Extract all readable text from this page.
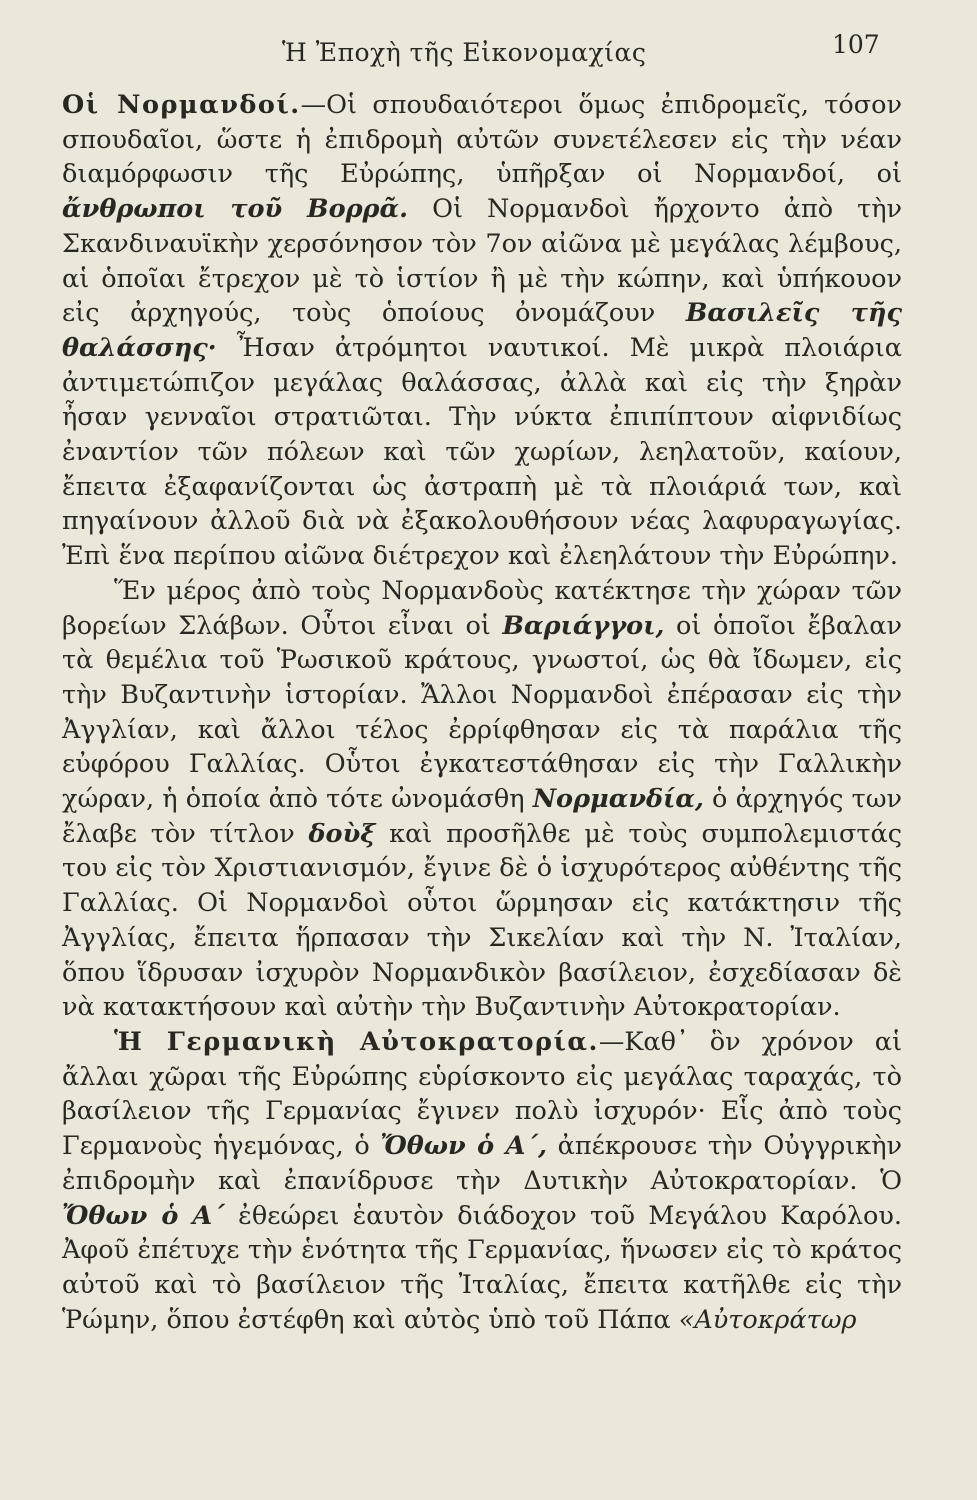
Ἡ Ἐποχὴ τῆς Εἰκονομαχίας	107

Οἱ Νορμανδοί.—Οἱ σπουδαιότεροι ὅμως ἐπιδρομεῖς, τόσον σπουδαῖοι, ὥστε ἡ ἐπιδρομὴ αὐτῶν συνετέλεσεν εἰς τὴν νέαν διαμόρφωσιν τῆς Εὐρώπης, ὑπῆρξαν οἱ Νορμανδοί, οἱ ἄνθρωποι τοῦ Βορρᾶ. Οἱ Νορμανδοὶ ἤρχοντο ἀπὸ τὴν Σκανδιναυϊκὴν χερσόνησον τὸν 7ον αἰῶνα μὲ μεγάλας λέμβους, αἱ ὁποῖαι ἔτρεχον μὲ τὸ ἱστίον ἢ μὲ τὴν κώπην, καὶ ὑπήκουον εἰς ἀρχηγούς, τοὺς ὁποίους ὀνομάζουν Βασιλεῖς τῆς θαλάσσης· Ἦσαν ἀτρόμητοι ναυτικοί. Μὲ μικρὰ πλοιάρια ἀντιμετώπιζον μεγάλας θαλάσσας, ἀλλὰ καὶ εἰς τὴν ξηρὰν ἦσαν γενναῖοι στρατιῶται. Τὴν νύκτα ἐπιπίπτουν αἰφνιδίως ἐναντίον τῶν πόλεων καὶ τῶν χωρίων, λεηλατοῦν, καίουν, ἔπειτα ἐξαφανίζονται ὡς ἀστραπὴ μὲ τὰ πλοιάριά των, καὶ πηγαίνουν ἀλλοῦ διὰ νὰ ἐξακολουθήσουν νέας λαφυραγωγίας. Ἐπὶ ἕνα περίπου αἰῶνα διέτρεχον καὶ ἐλεηλάτουν τὴν Εὐρώπην.

Ἕν μέρος ἀπὸ τοὺς Νορμανδοὺς κατέκτησε τὴν χώραν τῶν βορείων Σλάβων. Οὗτοι εἶναι οἱ Βαριάγγοι, οἱ ὁποῖοι ἔβαλαν τὰ θεμέλια τοῦ Ῥωσικοῦ κράτους, γνωστοί, ὡς θὰ ἴδωμεν, εἰς τὴν Βυζαντινὴν ἱστορίαν. Ἄλλοι Νορμανδοὶ ἐπέρασαν εἰς τὴν Ἀγγλίαν, καὶ ἄλλοι τέλος ἐρρίφθησαν εἰς τὰ παράλια τῆς εὐφόρου Γαλλίας. Οὗτοι ἐγκατεστάθησαν εἰς τὴν Γαλλικὴν χώραν, ἡ ὁποία ἀπὸ τότε ὠνομάσθη Νορμανδία, ὁ ἀρχηγός των ἔλαβε τὸν τίτλον δοὺξ καὶ προσῆλθε μὲ τοὺς συμπολεμιστάς του εἰς τὸν Χριστιανισμόν, ἔγινε δὲ ὁ ἰσχυρότερος αὐθέντης τῆς Γαλλίας. Οἱ Νορμανδοὶ οὗτοι ὥρμησαν εἰς κατάκτησιν τῆς Ἀγγλίας, ἔπειτα ἥρπασαν τὴν Σικελίαν καὶ τὴν Ν. Ἰταλίαν, ὅπου ἵδρυσαν ἰσχυρὸν Νορμανδικὸν βασίλειον, ἐσχεδίασαν δὲ νὰ κατακτήσουν καὶ αὐτὴν τὴν Βυζαντινὴν Αὐτοκρατορίαν.

Ἡ Γερμανικὴ Αὐτοκρατορία.—Καθ᾽ ὃν χρόνον αἱ ἄλλαι χῶραι τῆς Εὐρώπης εὑρίσκοντο εἰς μεγάλας ταραχάς, τὸ βασίλειον τῆς Γερμανίας ἔγινεν πολὺ ἰσχυρόν· Εἷς ἀπὸ τοὺς Γερμανοὺς ἡγεμόνας, ὁ Ὄθων ὁ Α´, ἀπέκρουσε τὴν Οὐγγρικὴν ἐπιδρομὴν καὶ ἐπανίδρυσε τὴν Δυτικὴν Αὐτοκρατορίαν. Ὁ Ὄθων ὁ Α´ ἐθεώρει ἑαυτὸν διάδοχον τοῦ Μεγάλου Καρόλου. Ἀφοῦ ἐπέτυχε τὴν ἑνότητα τῆς Γερμανίας, ἥνωσεν εἰς τὸ κράτος αὐτοῦ καὶ τὸ βασίλειον τῆς Ἰταλίας, ἔπειτα κατῆλθε εἰς τὴν Ῥώμην, ὅπου ἐστέφθη καὶ αὐτὸς ὑπὸ τοῦ Πάπα «Αὐτοκράτωρ
